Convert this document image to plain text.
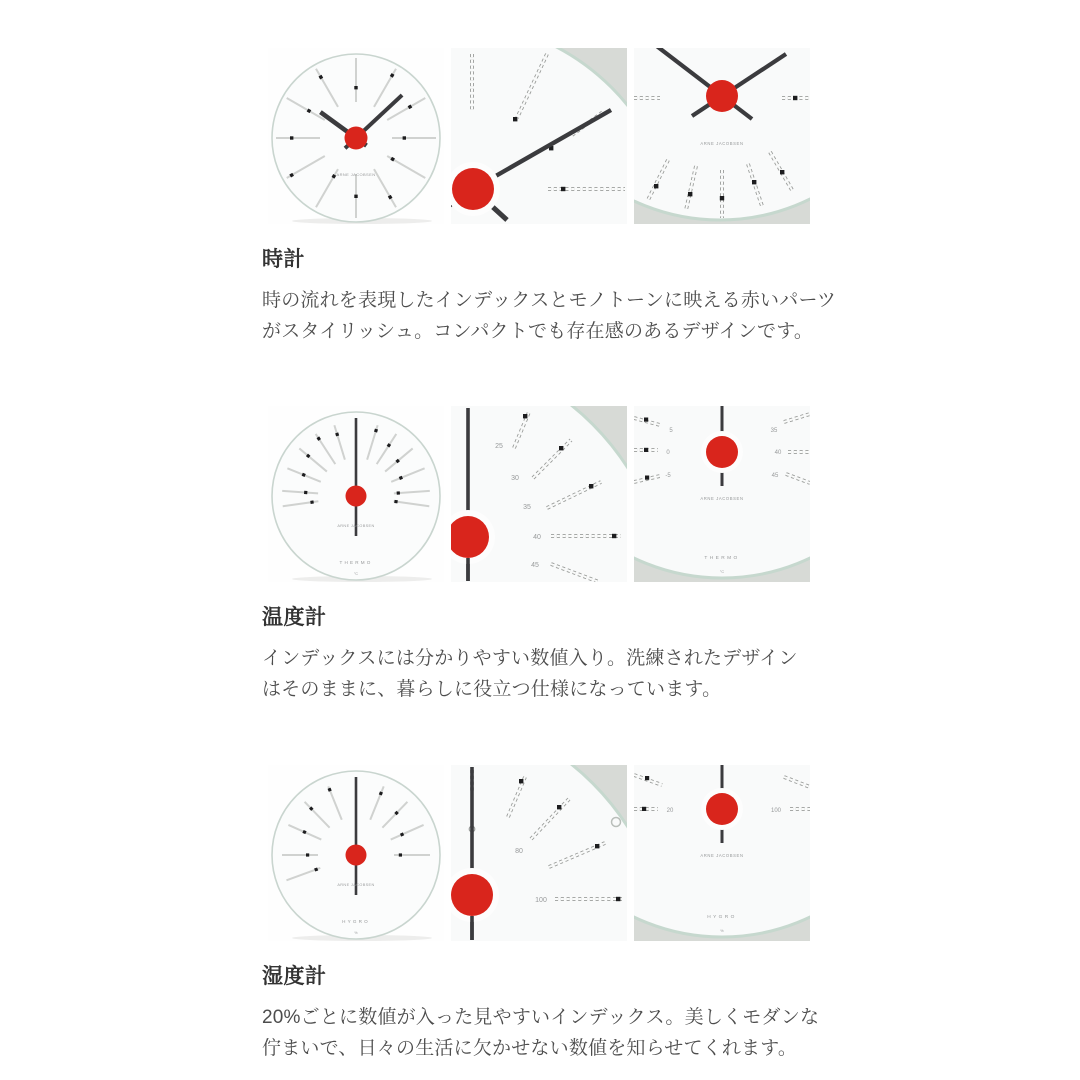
ARNE JACOBSEN
ARNE JACOBSEN
時計

時の流れを表現したインデックスとモノトーンに映える赤いパーツ
がスタイリッシュ。コンパクトでも存在感のあるデザインです。

ARNE JACOBSEN
THERMO
°C
25
30
35
40
45
5
0
-5
35
40
45
ARNE JACOBSEN
THERMO
°C
温度計

インデックスには分かりやすい数値入り。洗練されたデザイン
はそのままに、暮らしに役立つ仕様になっています。

ARNE JACOBSEN
HYGRO
%
80
100
20	100
ARNE JACOBSEN
HYGRO
%
湿度計

20%ごとに数値が入った見やすいインデックス。美しくモダンな
佇まいで、日々の生活に欠かせない数値を知らせてくれます。
